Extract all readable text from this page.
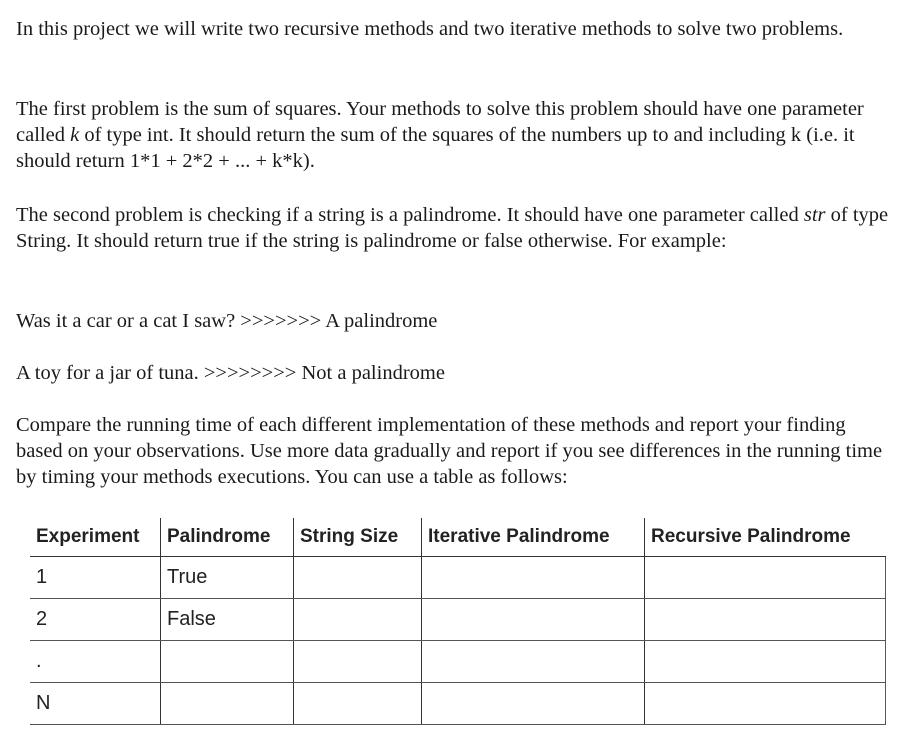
In this project we will write two recursive methods and two iterative methods to solve two problems.

The first problem is the sum of squares. Your methods to solve this problem should have one parameter called k of type int. It should return the sum of the squares of the numbers up to and including k (i.e. it should return 1*1 + 2*2 + ... + k*k).

The second problem is checking if a string is a palindrome. It should have one parameter called str of type String. It should return true if the string is palindrome or false otherwise. For example:

Was it a car or a cat I saw? >>>>>>> A palindrome

A toy for a jar of tuna. >>>>>>>> Not a palindrome

Compare the running time of each different implementation of these methods and report your finding based on your observations. Use more data gradually and report if you see differences in the running time by timing your methods executions. You can use a table as follows:

Experiment	Palindrome	String Size	Iterative Palindrome	Recursive Palindrome
1	True			
2	False			
.				
N				
